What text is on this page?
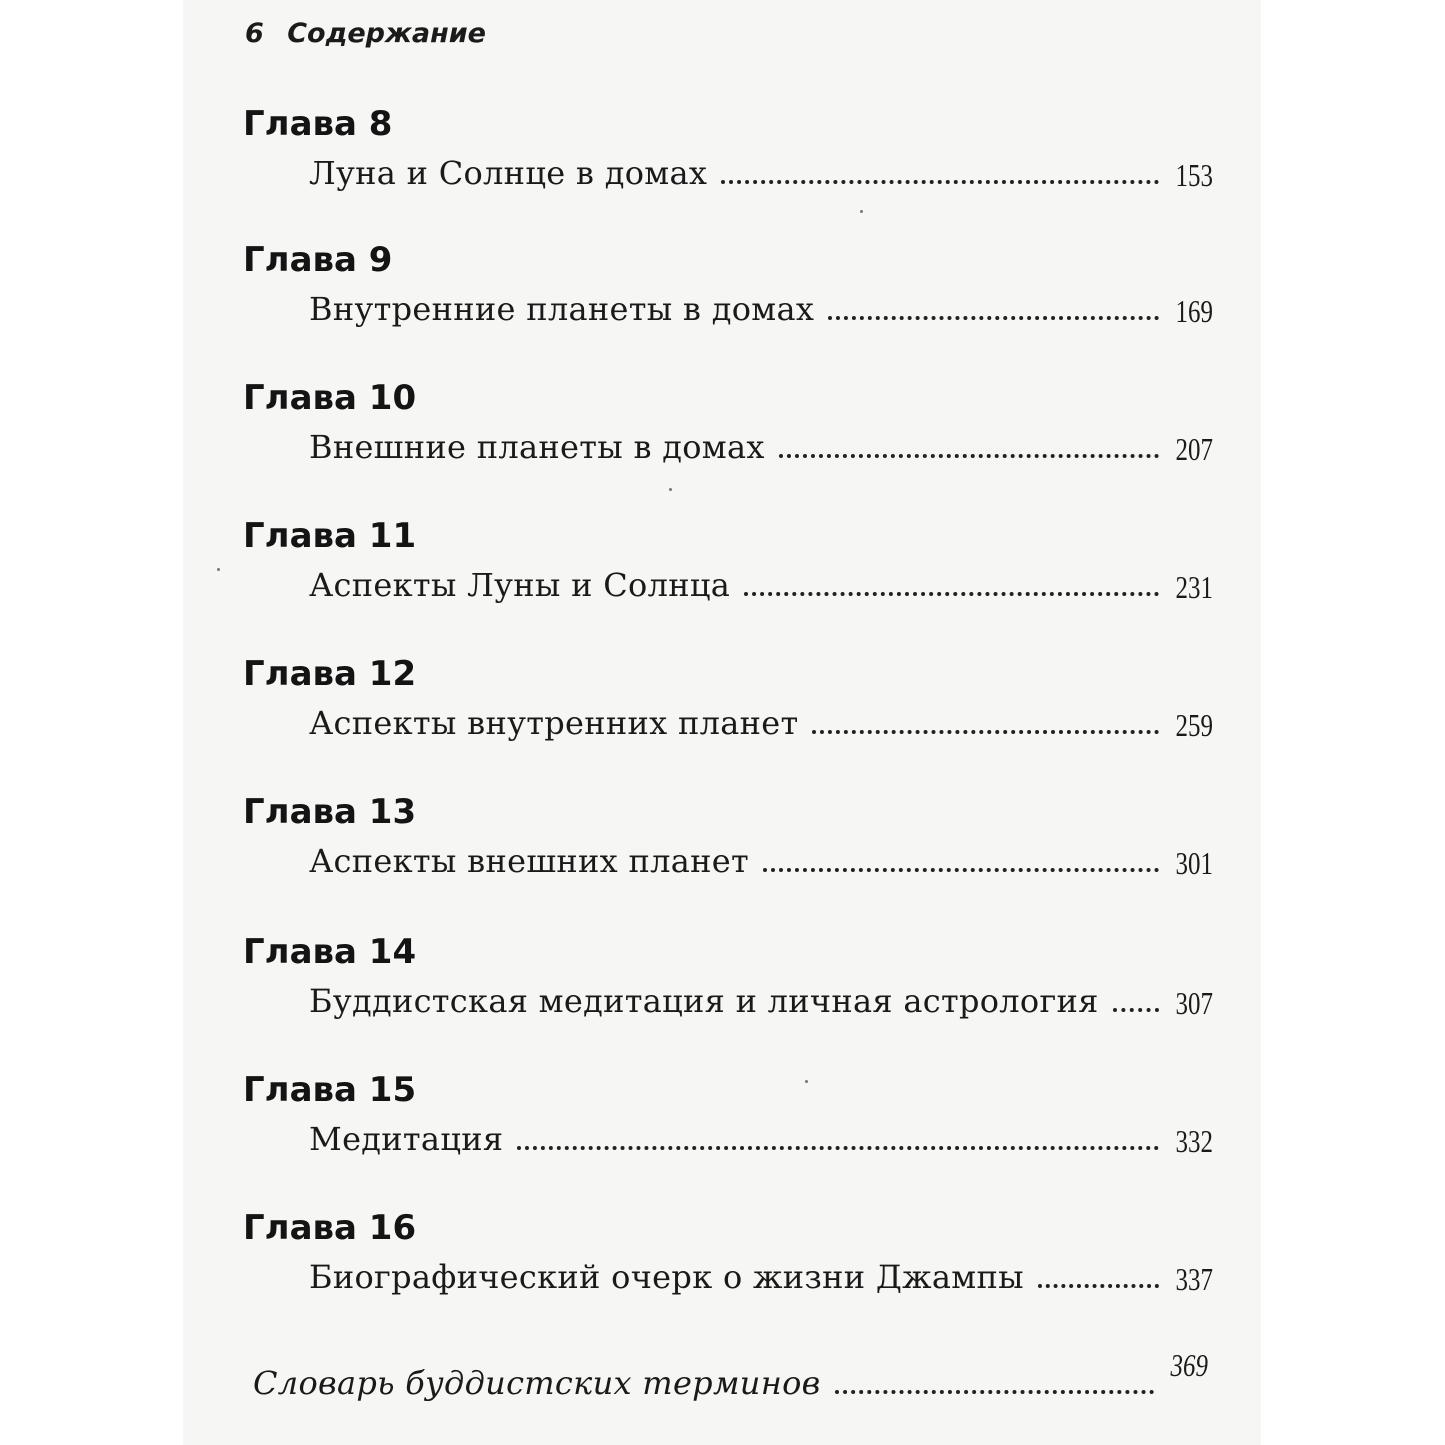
6 Содержание
Глава 8
Луна и Солнце в домах	153
Глава 9
Внутренние планеты в домах	169
Глава 10
Внешние планеты в домах	207
Глава 11
Аспекты Луны и Солнца	231
Глава 12
Аспекты внутренних планет	259
Глава 13
Аспекты внешних планет	301
Глава 14
Буддистская медитация и личная астрология 307
Глава 15
Медитация	332
Глава 16
Биографический очерк о жизни Джампы	337
Словарь буддистских терминов	369
